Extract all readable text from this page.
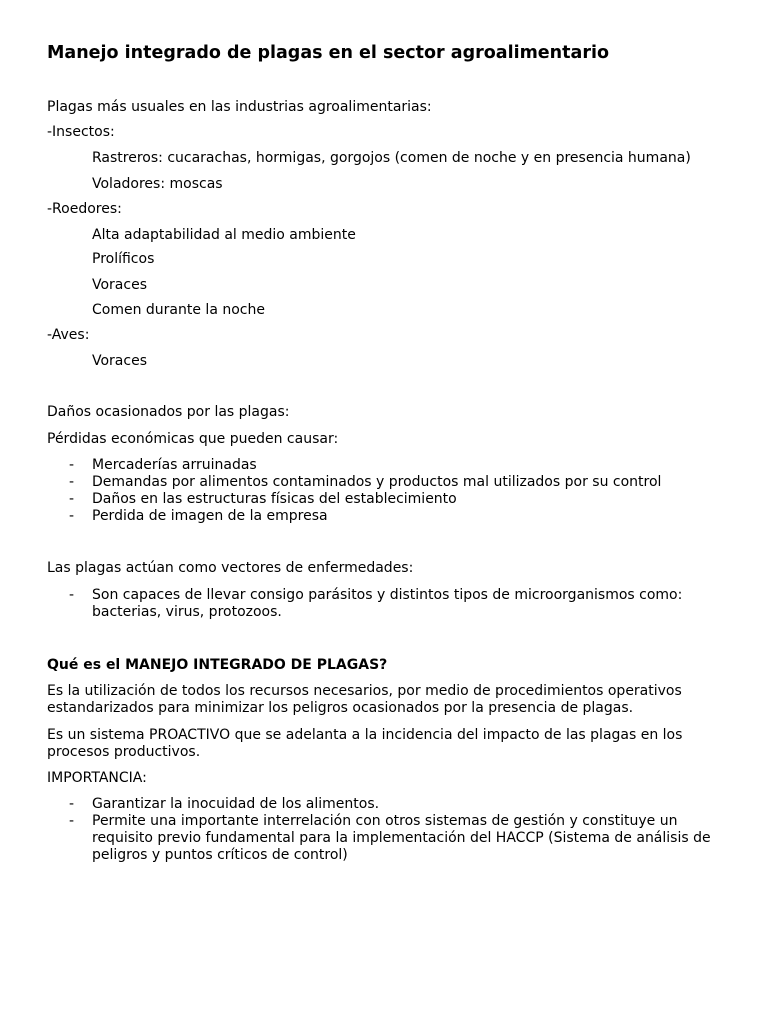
Manejo integrado de plagas en el sector agroalimentario
Plagas más usuales en las industrias agroalimentarias:
-Insectos:
Rastreros: cucarachas, hormigas, gorgojos (comen de noche y en presencia humana)
Voladores: moscas
-Roedores:
Alta adaptabilidad al medio ambiente
Prolíficos
Voraces
Comen durante la noche
-Aves:
Voraces
Daños ocasionados por las plagas:
Pérdidas económicas que pueden causar:
- Mercaderías arruinadas
- Demandas por alimentos contaminados y productos mal utilizados por su control
- Daños en las estructuras físicas del establecimiento
- Perdida de imagen de la empresa
Las plagas actúan como vectores de enfermedades:
- Son capaces de llevar consigo parásitos y distintos tipos de microorganismos como: bacterias, virus, protozoos.
Qué es el MANEJO INTEGRADO DE PLAGAS?
Es la utilización de todos los recursos necesarios, por medio de procedimientos operativos estandarizados para minimizar los peligros ocasionados por la presencia de plagas.
Es un sistema PROACTIVO que se adelanta a la incidencia del impacto de las plagas en los procesos productivos.
IMPORTANCIA:
- Garantizar la inocuidad de los alimentos.
- Permite una importante interrelación con otros sistemas de gestión y constituye un requisito previo fundamental para la implementación del HACCP (Sistema de análisis de peligros y puntos críticos de control)
